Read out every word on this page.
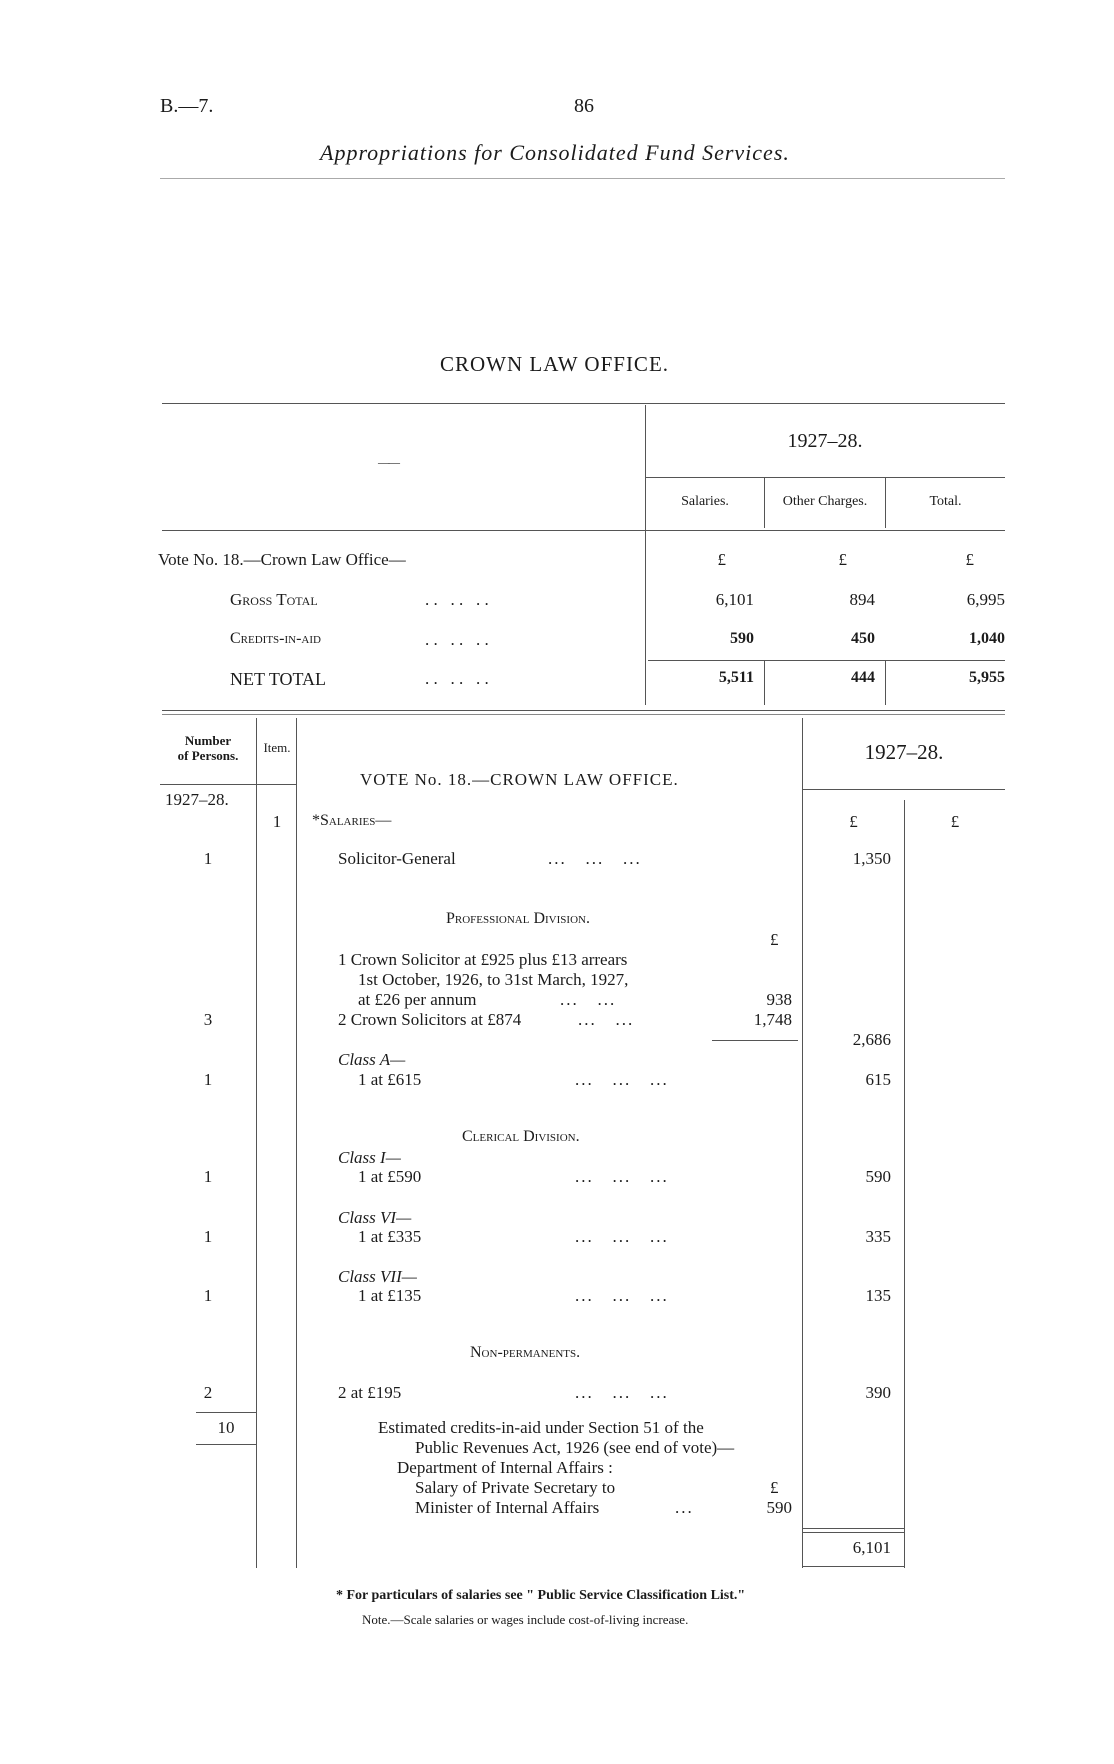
B.—7.	86
Appropriations for Consolidated Fund Services.
CROWN LAW OFFICE.
——
1927–28.
Salaries.	Other Charges.	Total.
Vote No. 18.—Crown Law Office—	£	£	£
Gross Total	. .   . .   . .	6,101	894	6,995
Credits-in-aid	. .   . .   . .	590	450	1,040
NET TOTAL	. .   . .   . .	5,511	444	5,955
Number
of Persons.
Item.
1927–28.
VOTE No. 18.—CROWN LAW OFFICE.
1927–28.
1	*Salaries—	£	£
1	Solicitor-General	...   ...   ...	1,350
Professional Division.
£
1 Crown Solicitor at £925 plus £13 arrears
1st October, 1926, to 31st March, 1927,
at £26 per annum	...   ...	938
3	2 Crown Solicitors at £874	...   ...	1,748
2,686
Class A—
1	1 at £615	...   ...   ...	615
Clerical Division.
Class I—
1	1 at £590	...   ...   ...	590
Class VI—
1	1 at £335	...   ...   ...	335
Class VII—
1	1 at £135	...   ...   ...	135
Non-permanents.
2	2 at £195	...   ...   ...	390
10	Estimated credits-in-aid under Section 51 of the
Public Revenues Act, 1926 (see end of vote)—
Department of Internal Affairs :
Salary of Private Secretary to	£
Minister of Internal Affairs	...	590
6,101
* For particulars of salaries see " Public Service Classification List."
Note.—Scale salaries or wages include cost-of-living increase.
